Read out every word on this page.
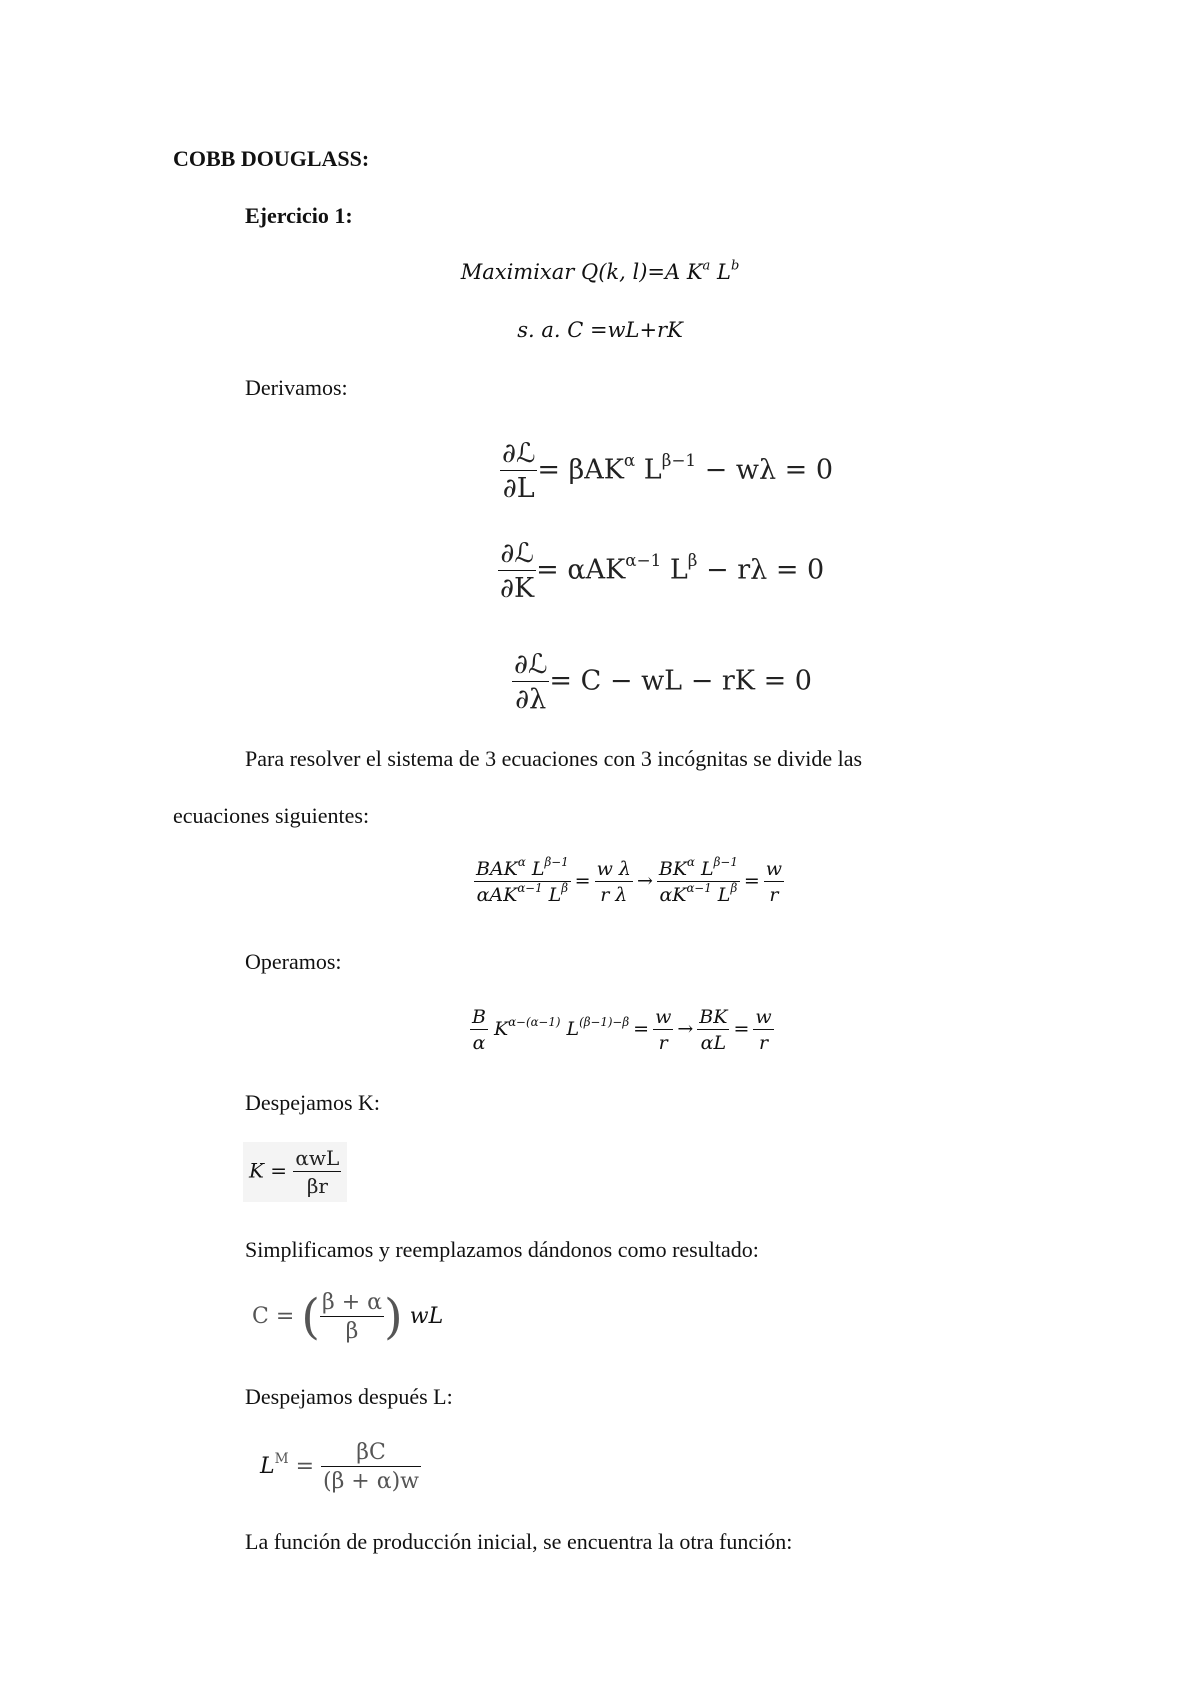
COBB DOUGLASS:
Ejercicio 1:
Maximixar Q(k, l)=A $K^a$ $L^b$
s. a. C =wL+rK
Derivamos:
$\frac{\text{∂ℒ}}{\partial L} = \beta AK^\alpha$ $L^{\beta-1} - w\lambda = 0$
$\frac{\text{∂ℒ}}{\partial K} = \alpha AK^{\alpha-1}$ $L^\beta - r\lambda = 0$
$\frac{\text{∂ℒ}}{\partial\lambda} = C$ − wL − rK = 0
Para resolver el sistema de 3 ecuaciones con 3 incógnitas se divide las
ecuaciones siguientes:
$\frac{BAK^\alpha L^{\beta-1}}{\alpha AK^{\alpha-1} L^\beta} = \frac{\text{w λ}}{\text{r λ}} \to \frac{BK^\alpha L^{\beta-1}}{\alpha K^{\alpha-1} L^\beta} = \frac{w}{r}$
Operamos:
$\frac{B}{\alpha} K^{\alpha-(\alpha-1)}$ $L^{(\beta-1)-\beta} = \frac{w}{r} \to \frac{BK}{\alpha L} = \frac{w}{r}$
Despejamos K:
$K = \frac{\text{αwL}}{\beta r}$
Simplificamos y reemplazamos dándonos como resultado:
C = ( $\frac{\beta + \alpha}{\beta}$ ) wL
Despejamos después L:
$L^M = \frac{\beta C}{(\beta + \alpha)w}$
La función de producción inicial, se encuentra la otra función:
